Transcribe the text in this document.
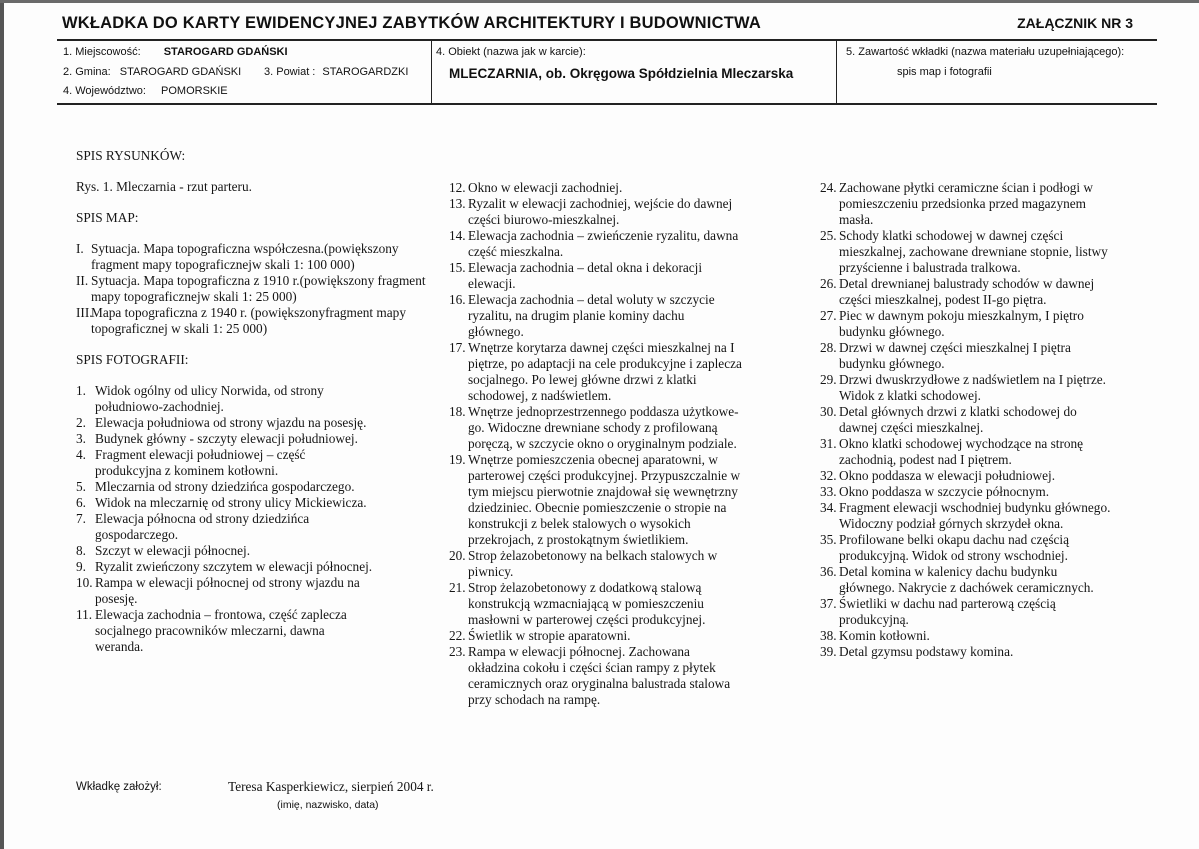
WKŁADKA DO KARTY EWIDENCYJNEJ ZABYTKÓW ARCHITEKTURY I BUDOWNICTWA	ZAŁĄCZNIK NR 3
1. Miejscowość: STAROGARD GDAŃSKI
2. Gmina: STAROGARD GDAŃSKI 3. Powiat : STAROGARDZKI
4. Województwo: POMORSKIE
4. Obiekt (nazwa jak w karcie):
MLECZARNIA, ob. Okręgowa Spółdzielnia Mleczarska
5. Zawartość wkładki (nazwa materiału uzupełniającego):
spis map i fotografii
SPIS RYSUNKÓW:
Rys. 1. Mleczarnia - rzut parteru.
SPIS MAP:
I. Sytuacja. Mapa topograficzna współczesna.(powiększony fragment mapy topograficznejw skali 1: 100 000)
II. Sytuacja. Mapa topograficzna z 1910 r.(powiększony fragment mapy topograficznejw skali 1: 25 000)
III.
Mapa topograficzna z 1940 r. (powiększonyfragment mapy topograficznej w skali 1: 25 000)
SPIS FOTOGRAFII:
1. Widok ogólny od ulicy Norwida, od strony
południowo-zachodniej.
2. Elewacja południowa od strony wjazdu na posesję.
3. Budynek główny - szczyty elewacji południowej.
4. Fragment elewacji południowej – część
produkcyjna z kominem kotłowni.
5. Mleczarnia od strony dziedzińca gospodarczego.
6. Widok na mleczarnię od strony ulicy Mickiewicza.
7. Elewacja północna od strony dziedzińca
gospodarczego.
8. Szczyt w elewacji północnej.
9. Ryzalit zwieńczony szczytem w elewacji północnej.
10. Rampa w elewacji północnej od strony wjazdu na
posesję.
11. Elewacja zachodnia – frontowa, część zaplecza
socjalnego pracowników mleczarni, dawna
weranda.
12. Okno w elewacji zachodniej.
13. Ryzalit w elewacji zachodniej, wejście do dawnej
części biurowo-mieszkalnej.
14. Elewacja zachodnia – zwieńczenie ryzalitu, dawna
część mieszkalna.
15. Elewacja zachodnia – detal okna i dekoracji
elewacji.
16. Elewacja zachodnia – detal woluty w szczycie
ryzalitu, na drugim planie kominy dachu
głównego.
17. Wnętrze korytarza dawnej części mieszkalnej na I
piętrze, po adaptacji na cele produkcyjne i zaplecza
socjalnego. Po lewej główne drzwi z klatki
schodowej, z nadświetlem.
18. Wnętrze jednoprzestrzennego poddasza użytkowe-
go. Widoczne drewniane schody z profilowaną
poręczą, w szczycie okno o oryginalnym podziale.
19. Wnętrze pomieszczenia obecnej aparatowni, w
parterowej części produkcyjnej. Przypuszczalnie w
tym miejscu pierwotnie znajdował się wewnętrzny
dziedziniec. Obecnie pomieszczenie o stropie na
konstrukcji z belek stalowych o wysokich
przekrojach, z prostokątnym świetlikiem.
20. Strop żelazobetonowy na belkach stalowych w
piwnicy.
21. Strop żelazobetonowy z dodatkową stalową
konstrukcją wzmacniającą w pomieszczeniu
masłowni w parterowej części produkcyjnej.
22. Świetlik w stropie aparatowni.
23. Rampa w elewacji północnej. Zachowana
okładzina cokołu i części ścian rampy z płytek
ceramicznych oraz oryginalna balustrada stalowa
przy schodach na rampę.
24. Zachowane płytki ceramiczne ścian i podłogi w
pomieszczeniu przedsionka przed magazynem
masła.
25. Schody klatki schodowej w dawnej części
mieszkalnej, zachowane drewniane stopnie, listwy
przyścienne i balustrada tralkowa.
26. Detal drewnianej balustrady schodów w dawnej
części mieszkalnej, podest II-go piętra.
27. Piec w dawnym pokoju mieszkalnym, I piętro
budynku głównego.
28. Drzwi w dawnej części mieszkalnej I piętra
budynku głównego.
29. Drzwi dwuskrzydłowe z nadświetlem na I piętrze.
Widok z klatki schodowej.
30. Detal głównych drzwi z klatki schodowej do
dawnej części mieszkalnej.
31. Okno klatki schodowej wychodzące na stronę
zachodnią, podest nad I piętrem.
32. Okno poddasza w elewacji południowej.
33. Okno poddasza w szczycie północnym.
34. Fragment elewacji wschodniej budynku głównego.
Widoczny podział górnych skrzydeł okna.
35. Profilowane belki okapu dachu nad częścią
produkcyjną. Widok od strony wschodniej.
36. Detal komina w kalenicy dachu budynku
głównego. Nakrycie z dachówek ceramicznych.
37. Świetliki w dachu nad parterową częścią
produkcyjną.
38. Komin kotłowni.
39. Detal gzymsu podstawy komina.
Wkładkę założył:	Teresa Kasperkiewicz, sierpień 2004 r.
(imię, nazwisko, data)
